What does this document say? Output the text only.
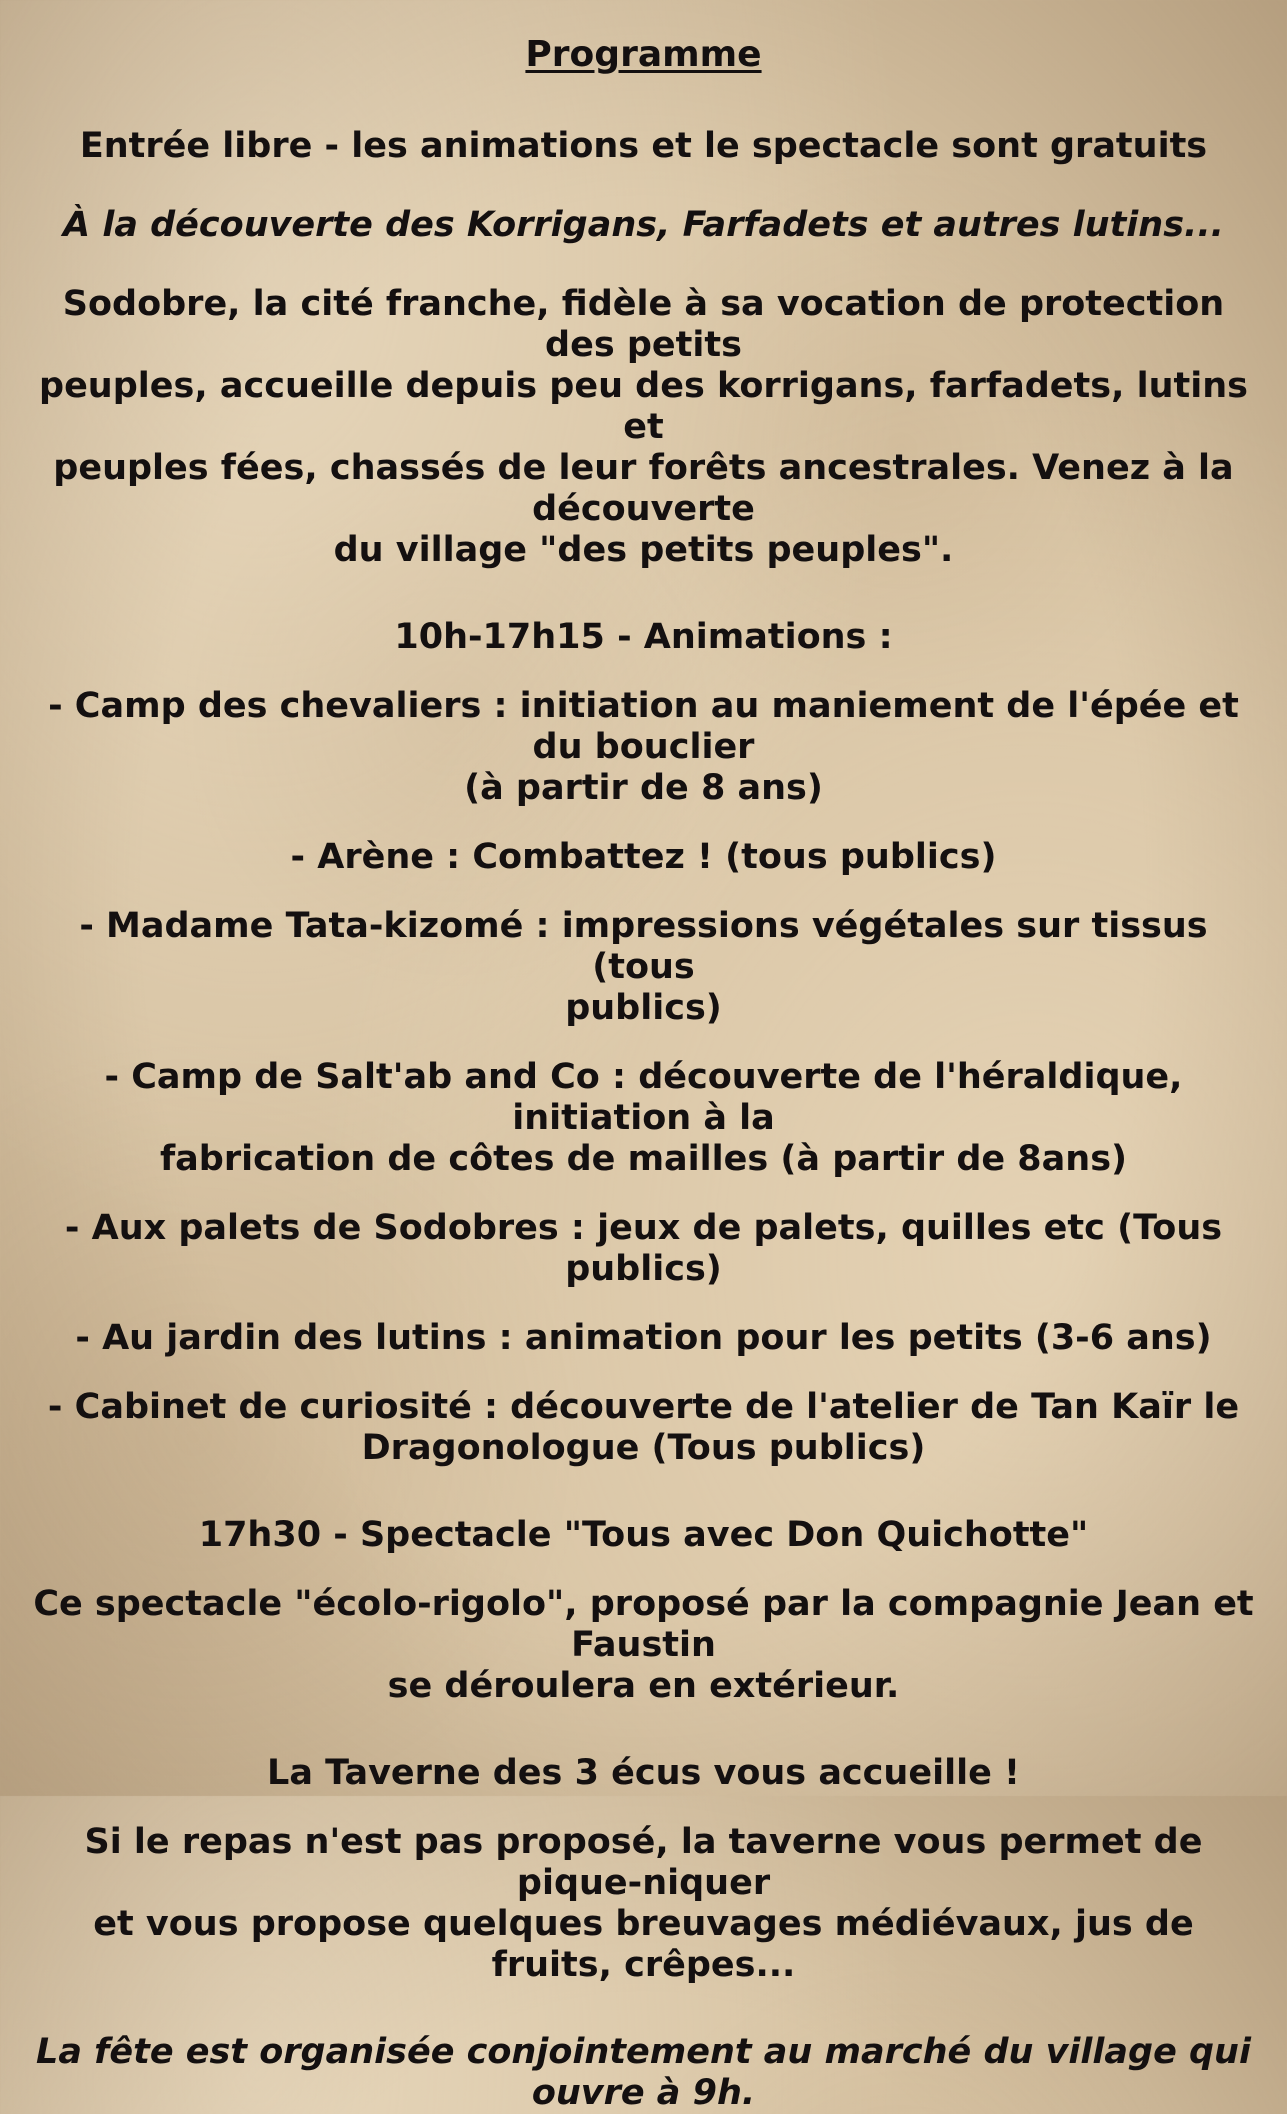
Programme

Entrée libre - les animations et le spectacle sont gratuits

À la découverte des Korrigans, Farfadets et autres lutins...

Sodobre, la cité franche, fidèle à sa vocation de protection des petits

peuples, accueille depuis peu des korrigans, farfadets, lutins et

peuples fées, chassés de leur forêts ancestrales. Venez à la découverte

du village "des petits peuples".

10h-17h15 - Animations :

- Camp des chevaliers : initiation au maniement de l'épée et du bouclier

(à partir de 8 ans)

- Arène : Combattez ! (tous publics)

- Madame Tata-kizomé : impressions végétales sur tissus (tous

publics)

- Camp de Salt'ab and Co : découverte de l'héraldique, initiation à la

fabrication de côtes de mailles (à partir de 8ans)

- Aux palets de Sodobres : jeux de palets, quilles etc (Tous publics)

- Au jardin des lutins : animation pour les petits (3-6 ans)

- Cabinet de curiosité : découverte de l'atelier de Tan Kaïr le

Dragonologue (Tous publics)

17h30 - Spectacle "Tous avec Don Quichotte"

Ce spectacle "écolo-rigolo", proposé par la compagnie Jean et Faustin

se déroulera en extérieur.

La Taverne des 3 écus vous accueille !

Si le repas n'est pas proposé, la taverne vous permet de pique-niquer

et vous propose quelques breuvages médiévaux, jus de fruits, crêpes...

La fête est organisée conjointement au marché du village qui

ouvre à 9h.
